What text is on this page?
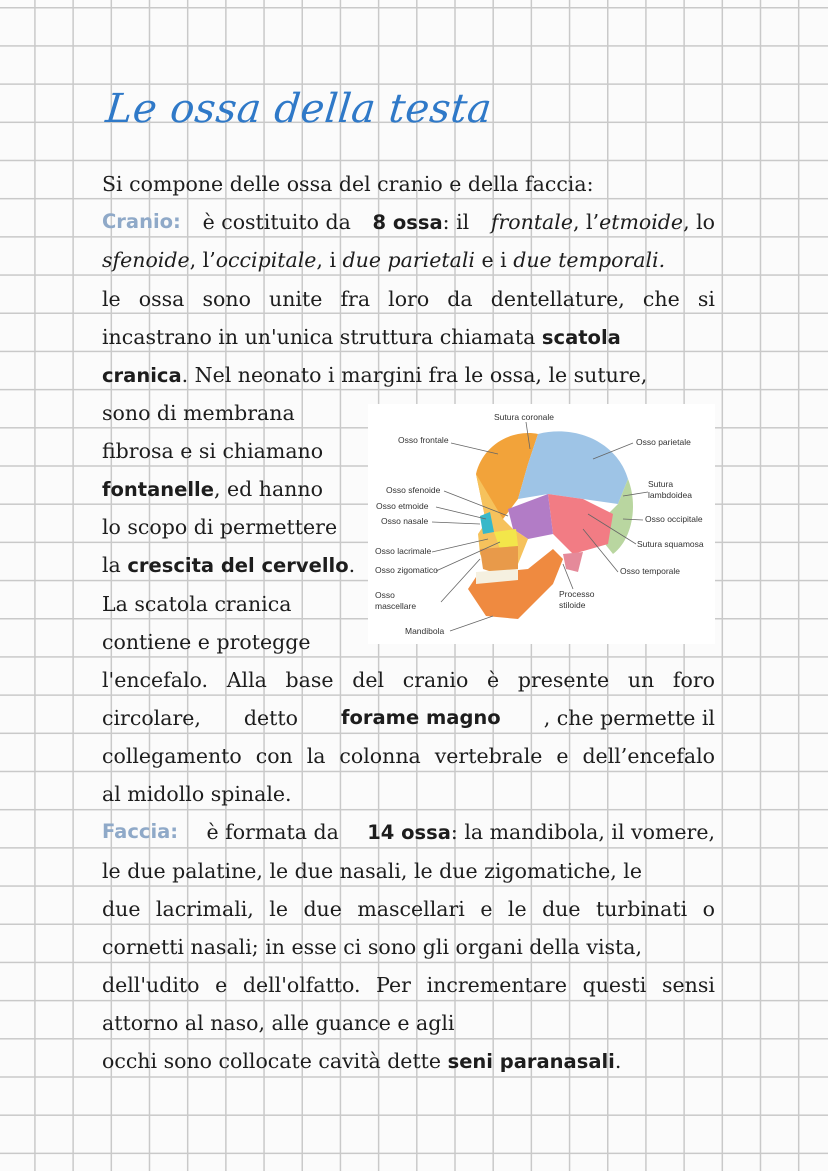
Le ossa della testa
Si compone delle ossa del cranio e della faccia:
Cranio: è costituito da 8 ossa: il frontale, l’etmoide, lo
sfenoide, l’occipitale, i due parietali e i due temporali.
le ossa sono unite fra loro da dentellature, che si
incastrano in un'unica struttura chiamata scatola
cranica. Nel neonato i margini fra le ossa, le suture,
sono di membrana
fibrosa e si chiamano
fontanelle, ed hanno
lo scopo di permettere
la crescita del cervello.
La scatola cranica
contiene e protegge
l'encefalo. Alla base del cranio è presente un foro
circolare, detto forame magno , che permette il
collegamento con la colonna vertebrale e dell’encefalo
al midollo spinale.
Faccia: è formata da 14 ossa: la mandibola, il vomere,
le due palatine, le due nasali, le due zigomatiche, le
due lacrimali, le due mascellari e le due turbinati o
cornetti nasali; in esse ci sono gli organi della vista,
dell'udito e dell'olfatto. Per incrementare questi sensi
attorno al naso, alle guance e agli
occhi sono collocate cavità dette seni paranasali.
Sutura coronale
Osso frontale	Osso parietale
Osso sfenoide
Osso etmoide
Osso nasale
Sutura
lambdoidea
Osso occipitale
Sutura squamosa
Osso lacrimale
Osso zigomatico	Osso temporale
Osso
mascellare
Processo
stiloide
Mandibola
